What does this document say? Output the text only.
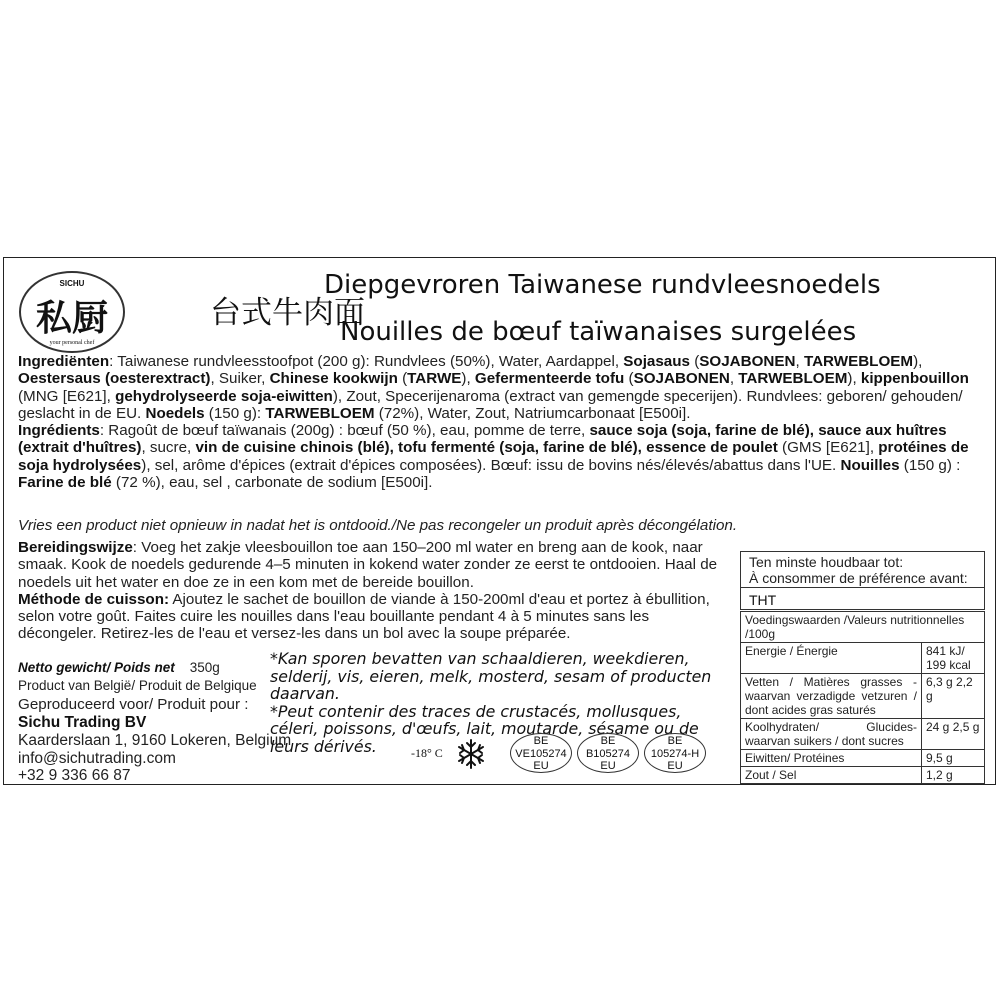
SICHU
私厨
your personal chef
Diepgevroren Taiwanese rundvleesnoedels
台式牛肉面
Nouilles de bœuf taïwanaises surgelées
Ingrediënten: Taiwanese rundvleesstoofpot (200 g): Rundvlees (50%), Water, Aardappel, Sojasaus (SOJABONEN, TARWEBLOEM), Oestersaus (oesterextract), Suiker, Chinese kookwijn (TARWE), Gefermenteerde tofu (SOJABONEN, TARWEBLOEM), kippenbouillon (MNG [E621], gehydrolyseerde soja-eiwitten), Zout, Specerijenaroma (extract van gemengde specerijen). Rundvlees: geboren/ gehouden/ geslacht in de EU. Noedels (150 g): TARWEBLOEM (72%), Water, Zout, Natriumcarbonaat [E500i].
Ingrédients: Ragoût de bœuf taïwanais (200g) : bœuf (50 %), eau, pomme de terre, sauce soja (soja, farine de blé), sauce aux huîtres (extrait d'huîtres), sucre, vin de cuisine chinois (blé), tofu fermenté (soja, farine de blé), essence de poulet (GMS [E621], protéines de soja hydrolysées), sel, arôme d'épices (extrait d'épices composées). Bœuf: issu de bovins nés/élevés/abattus dans l'UE. Nouilles (150 g) : Farine de blé (72 %), eau, sel , carbonate de sodium [E500i].
Vries een product niet opnieuw in nadat het is ontdooid./Ne pas recongeler un produit après décongélation.
Bereidingswijze: Voeg het zakje vleesbouillon toe aan 150–200 ml water en breng aan de kook, naar smaak. Kook de noedels gedurende 4–5 minuten in kokend water zonder ze eerst te ontdooien. Haal de noedels uit het water en doe ze in een kom met de bereide bouillon.
Méthode de cuisson: Ajoutez le sachet de bouillon de viande à 150-200ml d'eau et portez à ébullition, selon votre goût. Faites cuire les nouilles dans l'eau bouillante pendant 4 à 5 minutes sans les décongeler. Retirez-les de l'eau et versez-les dans un bol avec la soupe préparée.
Netto gewicht/ Poids net 350g
Product van België/ Produit de Belgique
Geproduceerd voor/ Produit pour :
Sichu Trading BV
Kaarderslaan 1, 9160 Lokeren, Belgium
info@sichutrading.com
+32 9 336 66 87
*Kan sporen bevatten van schaaldieren, weekdieren, selderij, vis, eieren, melk, mosterd, sesam of producten daarvan.
*Peut contenir des traces de crustacés, mollusques, céleri, poissons, d'œufs, lait, moutarde, sésame ou de leurs dérivés.	-18° C
BE
VE105274
EU
BE
B105274
EU
BE
105274-H
EU
Ten minste houdbaar tot:
À consommer de préférence avant:
THT
Voedingswaarden /Valeurs nutritionnelles /100g	
Energie / Énergie	841 kJ/ 199 kcal
Vetten / Matières grasses -waarvan verzadigde vetzuren / dont acides gras saturés	6,3 g 2,2 g
Koolhydraten/ Glucides- waarvan suikers / dont sucres	24 g 2,5 g
Eiwitten/ Protéines	9,5 g
Zout / Sel	1,2 g
